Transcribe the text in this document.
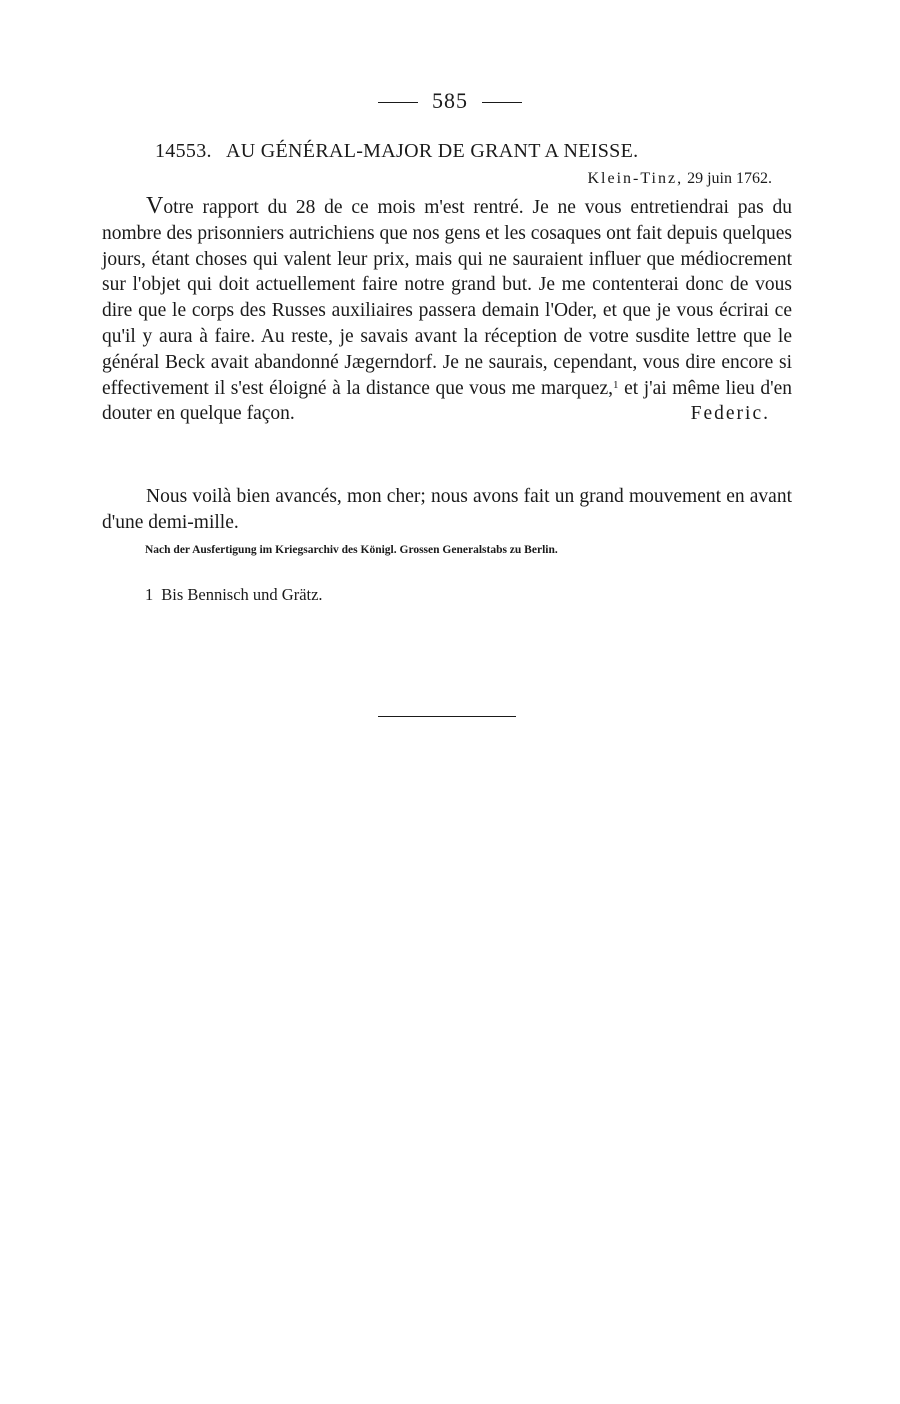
585
14553. AU GÉNÉRAL-MAJOR DE GRANT A NEISSE.
Klein-Tinz, 29 juin 1762.

Votre rapport du 28 de ce mois m'est rentré. Je ne vous entretiendrai pas du nombre des prisonniers autrichiens que nos gens et les cosaques ont fait depuis quelques jours, étant choses qui valent leur prix, mais qui ne sauraient influer que médiocrement sur l'objet qui doit actuellement faire notre grand but. Je me contenterai donc de vous dire que le corps des Russes auxiliaires passera demain l'Oder, et que je vous écrirai ce qu'il y aura à faire. Au reste, je savais avant la réception de votre susdite lettre que le général Beck avait abandonné Jægerndorf. Je ne saurais, cependant, vous dire encore si effectivement il s'est éloigné à la distance que vous me marquez,$^1$ et j'ai même lieu d'en douter en quelque façon.	Federic.

Nous voilà bien avancés, mon cher; nous avons fait un grand mouvement en avant d'une demi-mille.

Nach der Ausfertigung im Kriegsarchiv des Königl. Grossen Generalstabs zu Berlin.
1 Bis Bennisch und Grätz.
